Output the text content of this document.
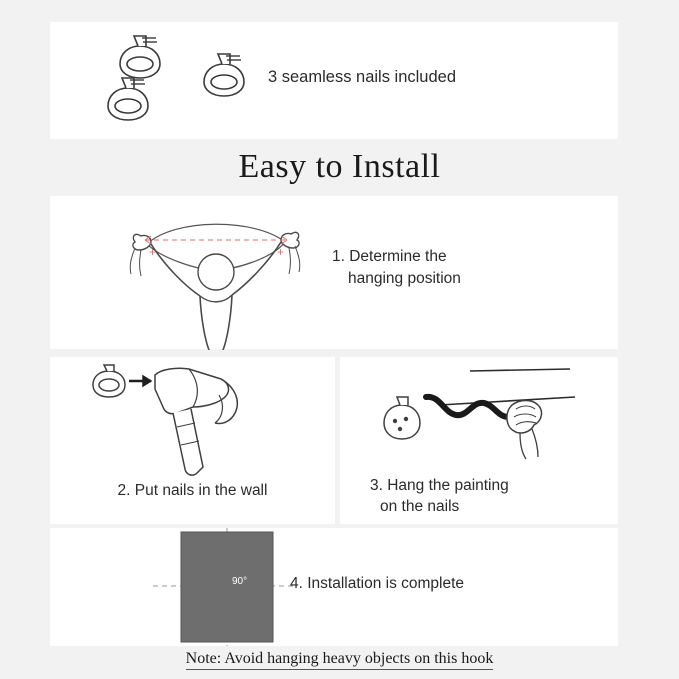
3 seamless nails included
Easy to Install
+	+	1. Determine the
hanging position
2. Put nails in the wall	3. Hang the painting
on the nails
90°	4. Installation is complete
Note: Avoid hanging heavy objects on this hook
